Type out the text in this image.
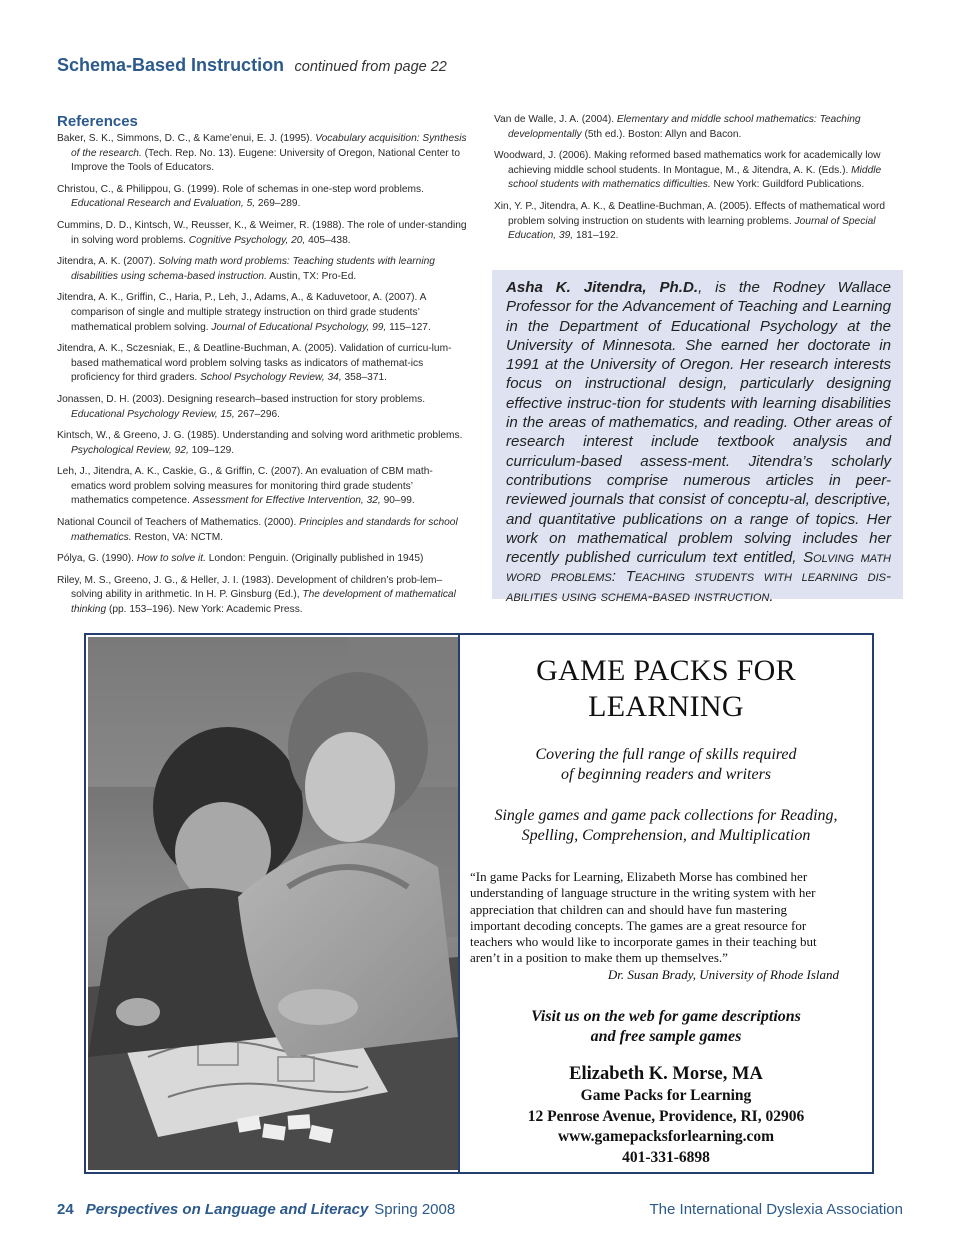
Schema-Based Instruction continued from page 22
References

Baker, S. K., Simmons, D. C., & Kame’enui, E. J. (1995). Vocabulary acquisition: Synthesis of the research. (Tech. Rep. No. 13). Eugene: University of Oregon, National Center to Improve the Tools of Educators.

Christou, C., & Philippou, G. (1999). Role of schemas in one-step word problems. Educational Research and Evaluation, 5, 269–289.

Cummins, D. D., Kintsch, W., Reusser, K., & Weimer, R. (1988). The role of under-standing in solving word problems. Cognitive Psychology, 20, 405–438.

Jitendra, A. K. (2007). Solving math word problems: Teaching students with learning disabilities using schema-based instruction. Austin, TX: Pro-Ed.

Jitendra, A. K., Griffin, C., Haria, P., Leh, J., Adams, A., & Kaduvetoor, A. (2007). A comparison of single and multiple strategy instruction on third grade students’ mathematical problem solving. Journal of Educational Psychology, 99, 115–127.

Jitendra, A. K., Sczesniak, E., & Deatline-Buchman, A. (2005). Validation of curricu-lum-based mathematical word problem solving tasks as indicators of mathemat-ics proficiency for third graders. School Psychology Review, 34, 358–371.

Jonassen, D. H. (2003). Designing research–based instruction for story problems. Educational Psychology Review, 15, 267–296.

Kintsch, W., & Greeno, J. G. (1985). Understanding and solving word arithmetic problems. Psychological Review, 92, 109–129.

Leh, J., Jitendra, A. K., Caskie, G., & Griffin, C. (2007). An evaluation of CBM math-ematics word problem solving measures for monitoring third grade students’ mathematics competence. Assessment for Effective Intervention, 32, 90–99.

National Council of Teachers of Mathematics. (2000). Principles and standards for school mathematics. Reston, VA: NCTM.

Pólya, G. (1990). How to solve it. London: Penguin. (Originally published in 1945)

Riley, M. S., Greeno, J. G., & Heller, J. I. (1983). Development of children’s prob-lem–solving ability in arithmetic. In H. P. Ginsburg (Ed.), The development of mathematical thinking (pp. 153–196). New York: Academic Press.

Van de Walle, J. A. (2004). Elementary and middle school mathematics: Teaching developmentally (5th ed.). Boston: Allyn and Bacon.

Woodward, J. (2006). Making reformed based mathematics work for academically low achieving middle school students. In Montague, M., & Jitendra, A. K. (Eds.). Middle school students with mathematics difficulties. New York: Guildford Publications.

Xin, Y. P., Jitendra, A. K., & Deatline-Buchman, A. (2005). Effects of mathematical word problem solving instruction on students with learning problems. Journal of Special Education, 39, 181–192.

Asha K. Jitendra, Ph.D., is the Rodney Wallace Professor for the Advancement of Teaching and Learning in the Department of Educational Psychology at the University of Minnesota. She earned her doctorate in 1991 at the University of Oregon. Her research interests focus on instructional design, particularly designing effective instruc-tion for students with learning disabilities in the areas of mathematics, and reading. Other areas of research interest include textbook analysis and curriculum-based assess-ment. Jitendra’s scholarly contributions comprise numerous articles in peer-reviewed journals that consist of conceptu-al, descriptive, and quantitative publications on a range of topics. Her work on mathematical problem solving includes her recently published curriculum text entitled, Solving math word problems: Teaching students with learning dis-abilities using schema-based instruction.

GAME PACKS FOR
LEARNING
Covering the full range of skills required
of beginning readers and writers
Single games and game pack collections for Reading,
Spelling, Comprehension, and Multiplication
“In game Packs for Learning, Elizabeth Morse has combined her
understanding of language structure in the writing system with her
appreciation that children can and should have fun mastering
important decoding concepts. The games are a great resource for
teachers who would like to incorporate games in their teaching but
aren’t in a position to make them up themselves.”
Dr. Susan Brady, University of Rhode Island
Visit us on the web for game descriptions
and free sample games
Elizabeth K. Morse, MA
Game Packs for Learning
12 Penrose Avenue, Providence, RI, 02906
www.gamepacksforlearning.com
401-331-6898
24 Perspectives on Language and Literacy Spring 2008	The International Dyslexia Association
